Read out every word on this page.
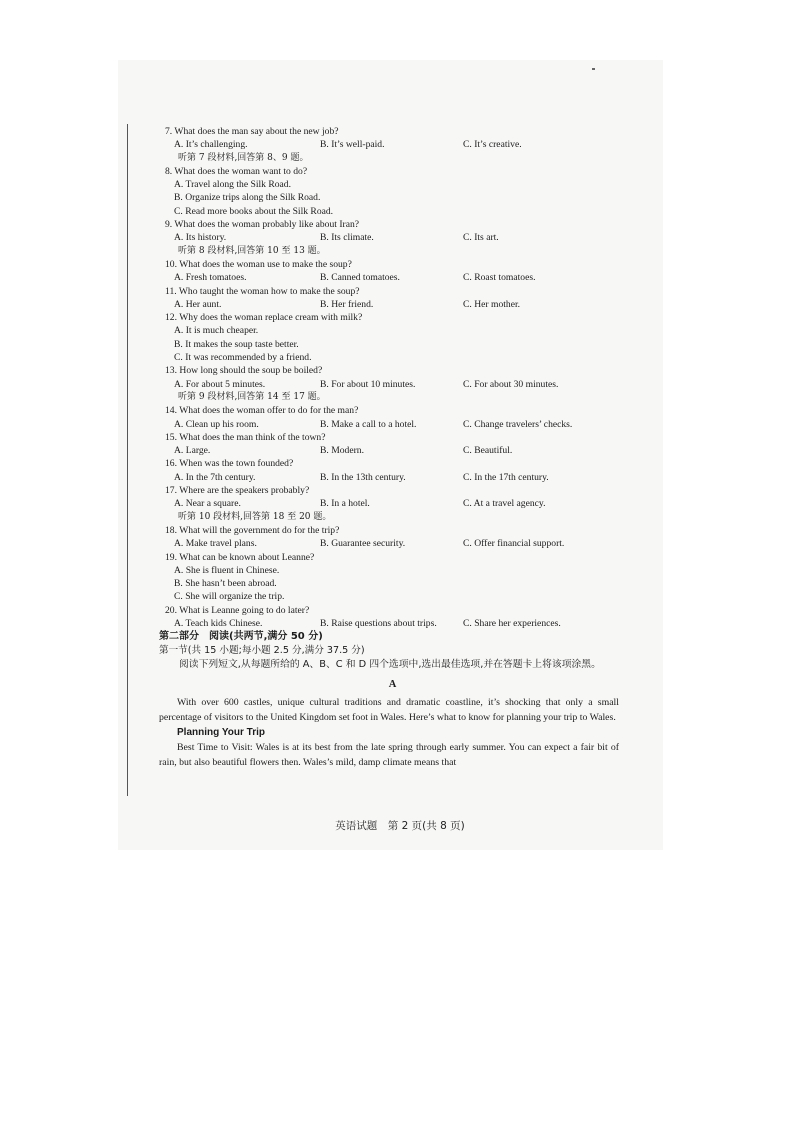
7. What does the man say about the new job?
A. It’s challenging.	B. It’s well-paid.	C. It’s creative.
听第 7 段材料,回答第 8、9 题。
8. What does the woman want to do?
A. Travel along the Silk Road.
B. Organize trips along the Silk Road.
C. Read more books about the Silk Road.
9. What does the woman probably like about Iran?
A. Its history.	B. Its climate.	C. Its art.
听第 8 段材料,回答第 10 至 13 题。
10. What does the woman use to make the soup?
A. Fresh tomatoes.	B. Canned tomatoes.	C. Roast tomatoes.
11. Who taught the woman how to make the soup?
A. Her aunt.	B. Her friend.	C. Her mother.
12. Why does the woman replace cream with milk?
A. It is much cheaper.
B. It makes the soup taste better.
C. It was recommended by a friend.
13. How long should the soup be boiled?
A. For about 5 minutes.	B. For about 10 minutes.	C. For about 30 minutes.
听第 9 段材料,回答第 14 至 17 题。
14. What does the woman offer to do for the man?
A. Clean up his room.	B. Make a call to a hotel.	C. Change travelers’ checks.
15. What does the man think of the town?
A. Large.	B. Modern.	C. Beautiful.
16. When was the town founded?
A. In the 7th century.	B. In the 13th century.	C. In the 17th century.
17. Where are the speakers probably?
A. Near a square.	B. In a hotel.	C. At a travel agency.
听第 10 段材料,回答第 18 至 20 题。
18. What will the government do for the trip?
A. Make travel plans.	B. Guarantee security.	C. Offer financial support.
19. What can be known about Leanne?
A. She is fluent in Chinese.
B. She hasn’t been abroad.
C. She will organize the trip.
20. What is Leanne going to do later?
A. Teach kids Chinese.	B. Raise questions about trips.	C. Share her experiences.
第二部分　阅读(共两节,满分 50 分)
第一节(共 15 小题;每小题 2.5 分,满分 37.5 分)
阅读下列短文,从每题所给的 A、B、C 和 D 四个选项中,选出最佳选项,并在答题卡上将该项涂黑。
A
With over 600 castles, unique cultural traditions and dramatic coastline, it’s shocking that only a small percentage of visitors to the United Kingdom set foot in Wales. Here’s what to know for planning your trip to Wales.
Planning Your Trip
Best Time to Visit: Wales is at its best from the late spring through early summer. You can expect a fair bit of rain, but also beautiful flowers then. Wales’s mild, damp climate means that
英语试题　第 2 页(共 8 页)
